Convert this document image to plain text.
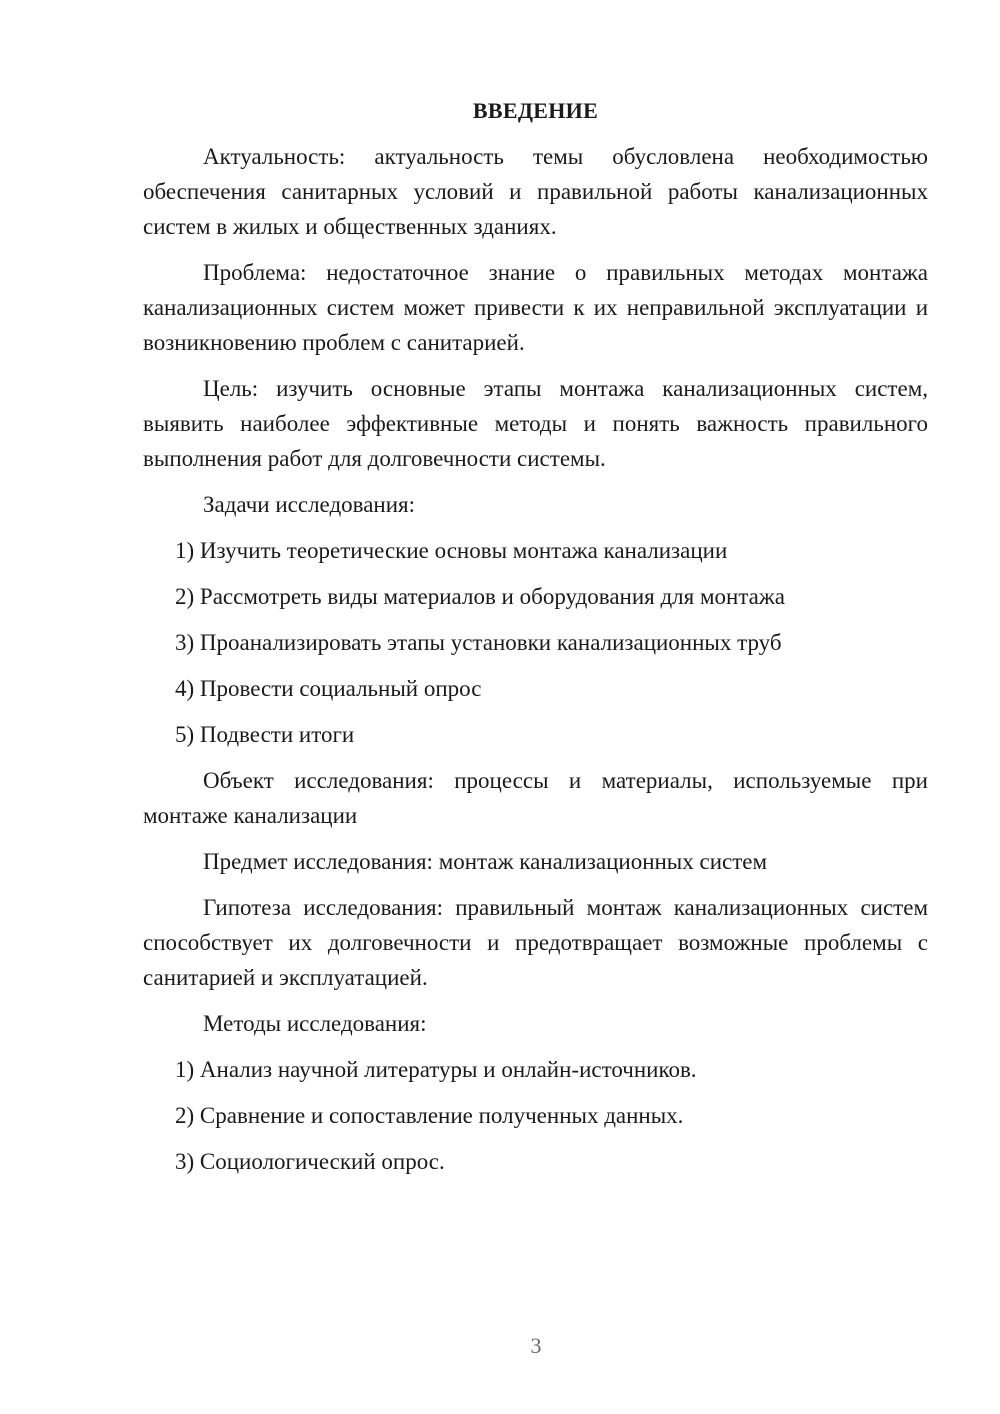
ВВЕДЕНИЕ

Актуальность: актуальность темы обусловлена необходимостью обеспечения санитарных условий и правильной работы канализационных систем в жилых и общественных зданиях.

Проблема: недостаточное знание о правильных методах монтажа канализационных систем может привести к их неправильной эксплуатации и возникновению проблем с санитарией.

Цель: изучить основные этапы монтажа канализационных систем, выявить наиболее эффективные методы и понять важность правильного выполнения работ для долговечности системы.

Задачи исследования:

1) Изучить теоретические основы монтажа канализации

2) Рассмотреть виды материалов и оборудования для монтажа

3) Проанализировать этапы установки канализационных труб

4) Провести социальный опрос

5) Подвести итоги

Объект исследования: процессы и материалы, используемые при монтаже канализации

Предмет исследования: монтаж канализационных систем

Гипотеза исследования: правильный монтаж канализационных систем способствует их долговечности и предотвращает возможные проблемы с санитарией и эксплуатацией.

Методы исследования:

1) Анализ научной литературы и онлайн-источников.

2) Сравнение и сопоставление полученных данных.

3) Социологический опрос.

3
